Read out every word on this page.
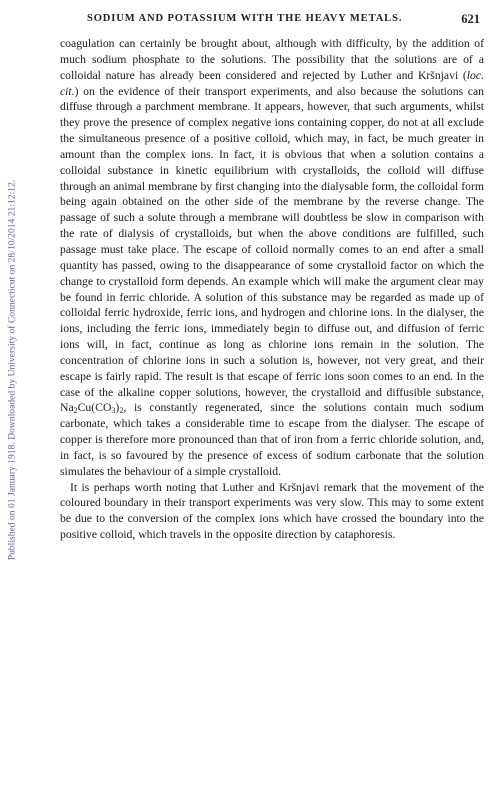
SODIUM AND POTASSIUM WITH THE HEAVY METALS.	621
Published on 01 January 1918. Downloaded by University of Connecticut on 28/10/2014 21:12:12.

coagulation can certainly be brought about, although with difficulty, by the addition of much sodium phosphate to the solutions. The possibility that the solutions are of a colloidal nature has already been considered and rejected by Luther and Kršnjavi (loc. cit.) on the evidence of their transport experiments, and also because the solutions can diffuse through a parchment membrane. It appears, however, that such arguments, whilst they prove the presence of complex negative ions containing copper, do not at all exclude the simultaneous presence of a positive colloid, which may, in fact, be much greater in amount than the complex ions. In fact, it is obvious that when a solution contains a colloidal substance in kinetic equilibrium with crystalloids, the colloid will diffuse through an animal membrane by first changing into the dialysable form, the colloidal form being again obtained on the other side of the membrane by the reverse change. The passage of such a solute through a membrane will doubtless be slow in comparison with the rate of dialysis of crystalloids, but when the above conditions are fulfilled, such passage must take place. The escape of colloid normally comes to an end after a small quantity has passed, owing to the disappearance of some crystalloid factor on which the change to crystalloid form depends. An example which will make the argument clear may be found in ferric chloride. A solution of this substance may be regarded as made up of colloidal ferric hydroxide, ferric ions, and hydrogen and chlorine ions. In the dialyser, the ions, including the ferric ions, immediately begin to diffuse out, and diffusion of ferric ions will, in fact, continue as long as chlorine ions remain in the solution. The concentration of chlorine ions in such a solution is, however, not very great, and their escape is fairly rapid. The result is that escape of ferric ions soon comes to an end. In the case of the alkaline copper solutions, however, the crystalloid and diffusible substance, $Na_2Cu(CO_3)_2$, is constantly regenerated, since the solutions contain much sodium carbonate, which takes a considerable time to escape from the dialyser. The escape of copper is therefore more pronounced than that of iron from a ferric chloride solution, and, in fact, is so favoured by the presence of excess of sodium carbonate that the solution simulates the behaviour of a simple crystalloid.

It is perhaps worth noting that Luther and Kršnjavi remark that the movement of the coloured boundary in their transport experiments was very slow. This may to some extent be due to the conversion of the complex ions which have crossed the boundary into the positive colloid, which travels in the opposite direction by cataphoresis.
